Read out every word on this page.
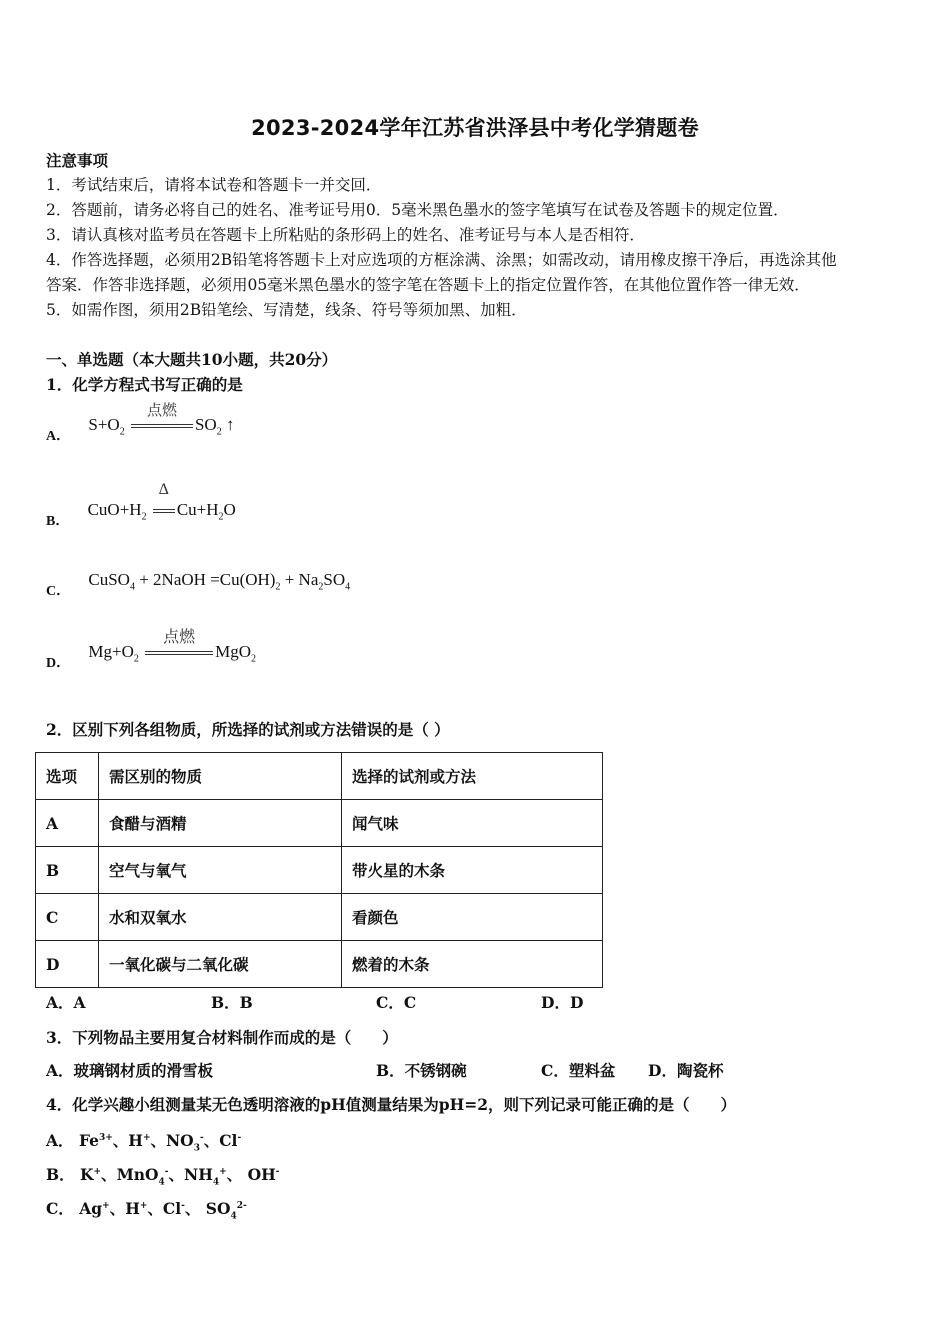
2023-2024学年江苏省洪泽县中考化学猜题卷
注意事项
1．考试结束后，请将本试卷和答题卡一并交回．
2．答题前，请务必将自己的姓名、准考证号用0．5毫米黑色墨水的签字笔填写在试卷及答题卡的规定位置．
3．请认真核对监考员在答题卡上所粘贴的条形码上的姓名、准考证号与本人是否相符．
4．作答选择题，必须用2B铅笔将答题卡上对应选项的方框涂满、涂黑；如需改动，请用橡皮擦干净后，再选涂其他
答案．作答非选择题，必须用05毫米黑色墨水的签字笔在答题卡上的指定位置作答，在其他位置作答一律无效．
5．如需作图，须用2B铅笔绘、写清楚，线条、符号等须加黑、加粗．
一、单选题（本大题共10小题，共20分）
1．化学方程式书写正确的是
A． $S+O_2$
点燃
$SO_2$ ↑
B． $CuO+H_2$
Δ
$Cu+H_2O$
C． CuSO$_4$ + 2NaOH $=Cu(OH)_2 + Na_2SO_4$
D． $Mg+O_2$
点燃
MgO$_2$
2．区别下列各组物质，所选择的试剂或方法错误的是（ ）
选项	需区别的物质	选择的试剂或方法
A	食醋与酒精	闻气味
B	空气与氧气	带火星的木条
C	水和双氧水	看颜色
D	一氧化碳与二氧化碳	燃着的木条
A．A	B．B	C．C	D．D
3．下列物品主要用复合材料制作而成的是（　　）
A．玻璃钢材质的滑雪板	B．不锈钢碗	C．塑料盆 D．陶瓷杯
4．化学兴趣小组测量某无色透明溶液的pH值测量结果为pH=2，则下列记录可能正确的是（　　）
A． $Fe^{3+}$、H+、$NO_3^-$、Cl-
B． K+、MnO$_4$-、$NH_4^+$、 OH-
C． Ag+、H+、Cl-、 $SO_4^{2-}$
